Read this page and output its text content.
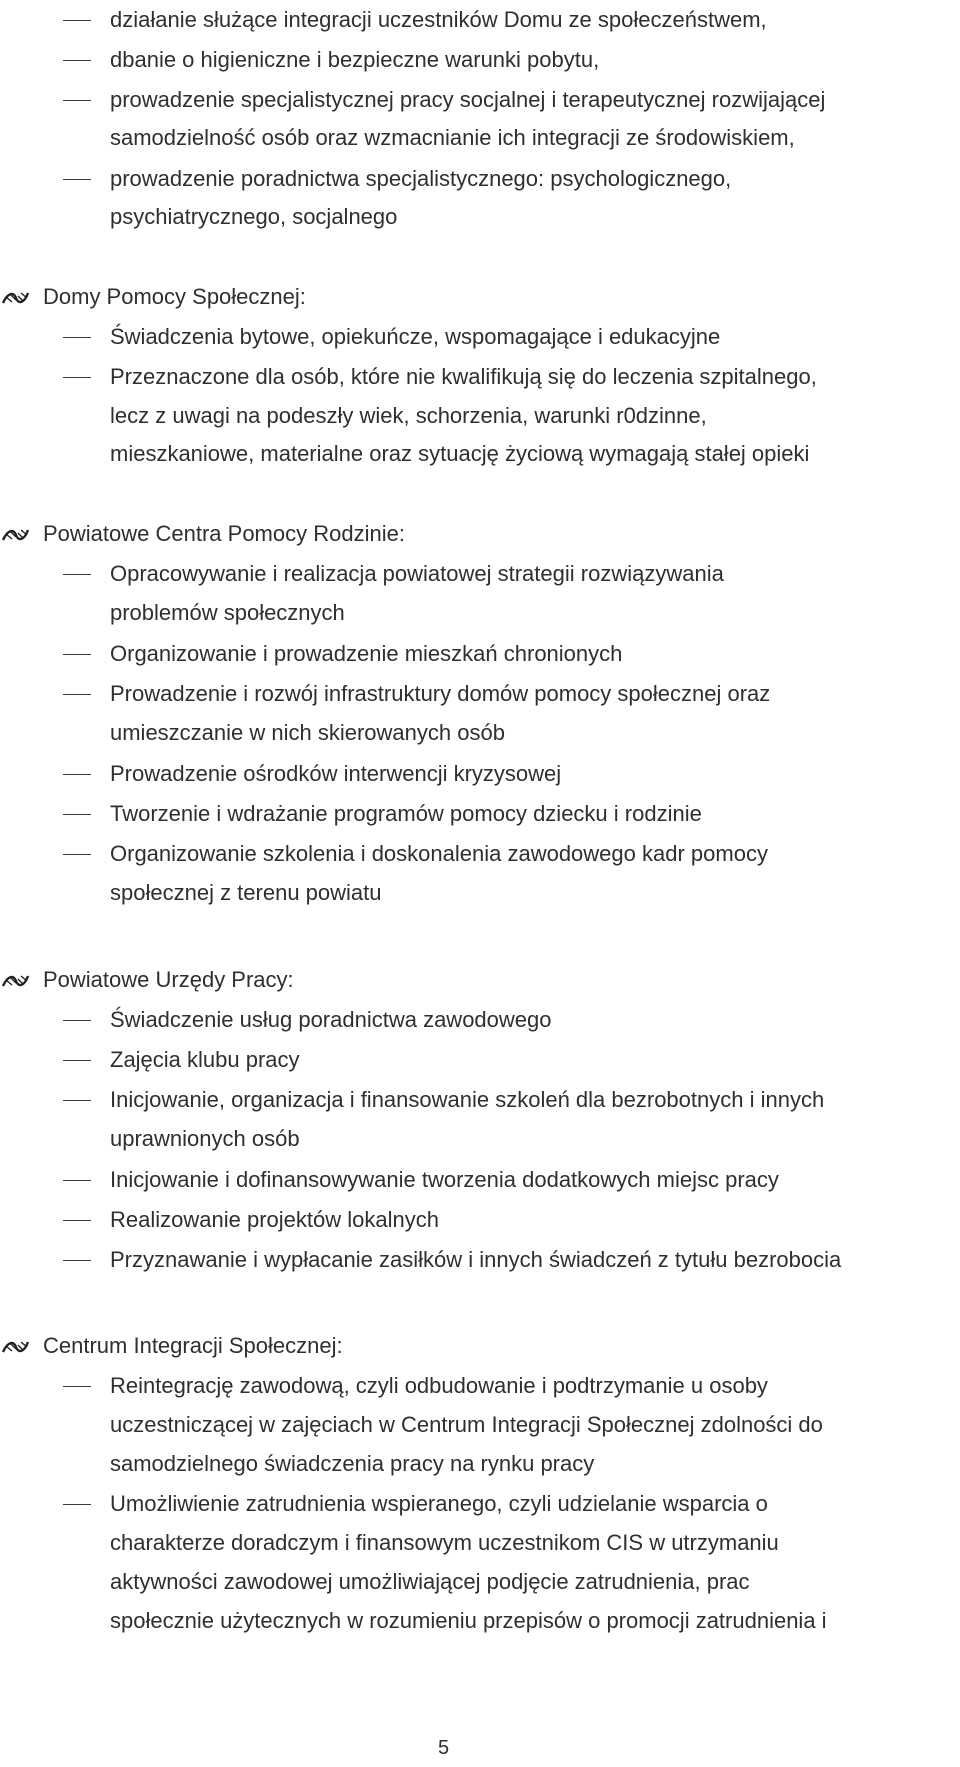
działanie służące integracji uczestników Domu ze społeczeństwem,
dbanie o higieniczne i bezpieczne warunki pobytu,
prowadzenie specjalistycznej pracy socjalnej i terapeutycznej rozwijającej
samodzielność osób oraz wzmacnianie ich integracji ze środowiskiem,
prowadzenie poradnictwa specjalistycznego: psychologicznego,
psychiatrycznego, socjalnego
Domy Pomocy Społecznej:
Świadczenia bytowe, opiekuńcze, wspomagające i edukacyjne
Przeznaczone dla osób, które nie kwalifikują się do leczenia szpitalnego,
lecz z uwagi na podeszły wiek, schorzenia, warunki r0dzinne,
mieszkaniowe, materialne oraz sytuację życiową wymagają stałej opieki
Powiatowe Centra Pomocy Rodzinie:
Opracowywanie i realizacja powiatowej strategii rozwiązywania
problemów społecznych
Organizowanie i prowadzenie mieszkań chronionych
Prowadzenie i rozwój infrastruktury domów pomocy społecznej oraz
umieszczanie w nich skierowanych osób
Prowadzenie ośrodków interwencji kryzysowej
Tworzenie i wdrażanie programów pomocy dziecku i rodzinie
Organizowanie szkolenia i doskonalenia zawodowego kadr pomocy
społecznej z terenu powiatu
Powiatowe Urzędy Pracy:
Świadczenie usług poradnictwa zawodowego
Zajęcia klubu pracy
Inicjowanie, organizacja i finansowanie szkoleń dla bezrobotnych i innych
uprawnionych osób
Inicjowanie i dofinansowywanie tworzenia dodatkowych miejsc pracy
Realizowanie projektów lokalnych
Przyznawanie i wypłacanie zasiłków i innych świadczeń z tytułu bezrobocia
Centrum Integracji Społecznej:
Reintegrację zawodową, czyli odbudowanie i podtrzymanie u osoby
uczestniczącej w zajęciach w Centrum Integracji Społecznej zdolności do
samodzielnego świadczenia pracy na rynku pracy
Umożliwienie zatrudnienia wspieranego, czyli udzielanie wsparcia o
charakterze doradczym i finansowym uczestnikom CIS w utrzymaniu
aktywności zawodowej umożliwiającej podjęcie zatrudnienia, prac
społecznie użytecznych w rozumieniu przepisów o promocji zatrudnienia i
5
